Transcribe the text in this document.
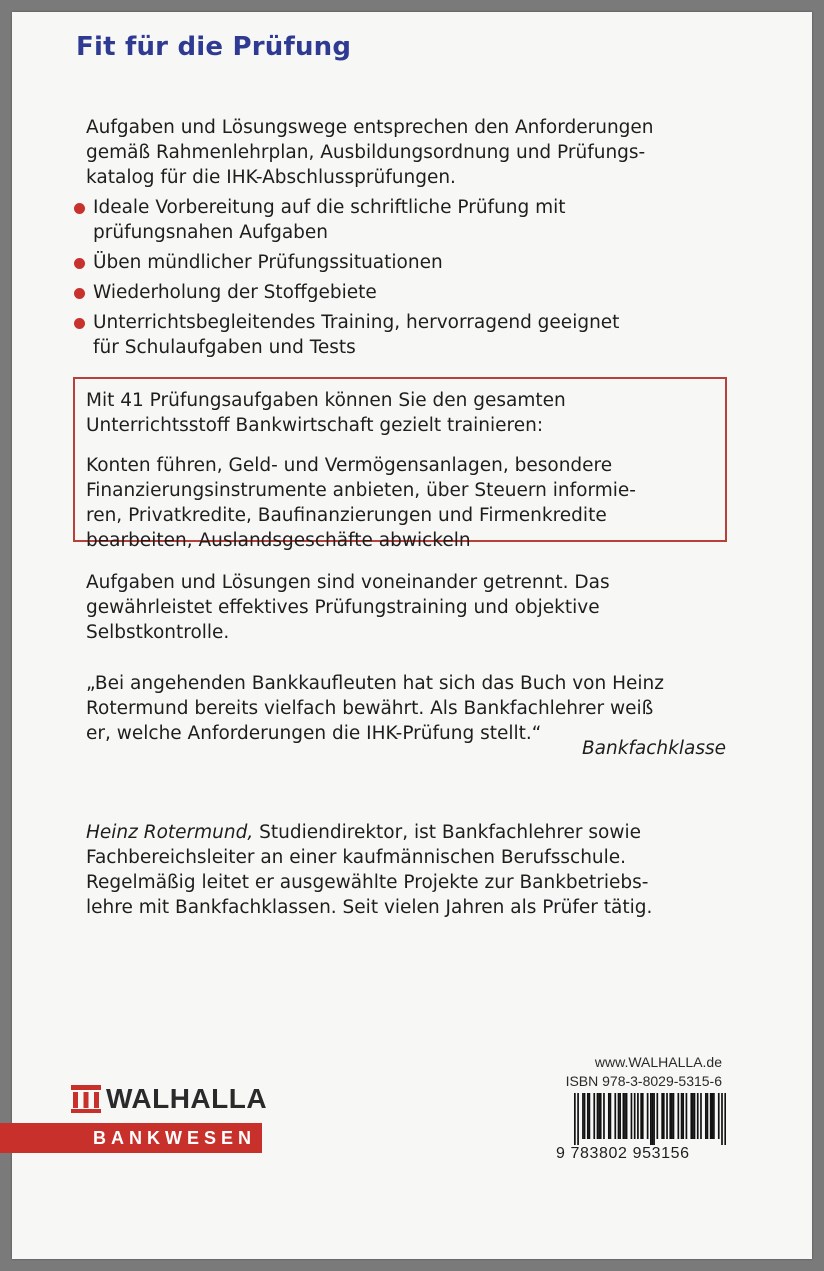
Fit für die Prüfung
Aufgaben und Lösungswege entsprechen den Anforderungen
gemäß Rahmenlehrplan, Ausbildungsordnung und Prüfungs-
katalog für die IHK-Abschlussprüfungen.
Ideale Vorbereitung auf die schriftliche Prüfung mit
prüfungsnahen Aufgaben
Üben mündlicher Prüfungssituationen
Wiederholung der Stoffgebiete
Unterrichtsbegleitendes Training, hervorragend geeignet
für Schulaufgaben und Tests
Mit 41 Prüfungsaufgaben können Sie den gesamten
Unterrichtsstoff Bankwirtschaft gezielt trainieren:
Konten führen, Geld- und Vermögensanlagen, besondere
Finanzierungsinstrumente anbieten, über Steuern informie-
ren, Privatkredite, Baufinanzierungen und Firmenkredite
bearbeiten, Auslandsgeschäfte abwickeln
Aufgaben und Lösungen sind voneinander getrennt. Das
gewährleistet effektives Prüfungstraining und objektive
Selbstkontrolle.
„Bei angehenden Bankkaufleuten hat sich das Buch von Heinz
Rotermund bereits vielfach bewährt. Als Bankfachlehrer weiß
er, welche Anforderungen die IHK-Prüfung stellt.“
Bankfachklasse
Heinz Rotermund, Studiendirektor, ist Bankfachlehrer sowie
Fachbereichsleiter an einer kaufmännischen Berufsschule.
Regelmäßig leitet er ausgewählte Projekte zur Bankbetriebs-
lehre mit Bankfachklassen. Seit vielen Jahren als Prüfer tätig.
WALHALLA
BANKWESEN
www.WALHALLA.de
ISBN 978-3-8029-5315-6
9 783802 953156
